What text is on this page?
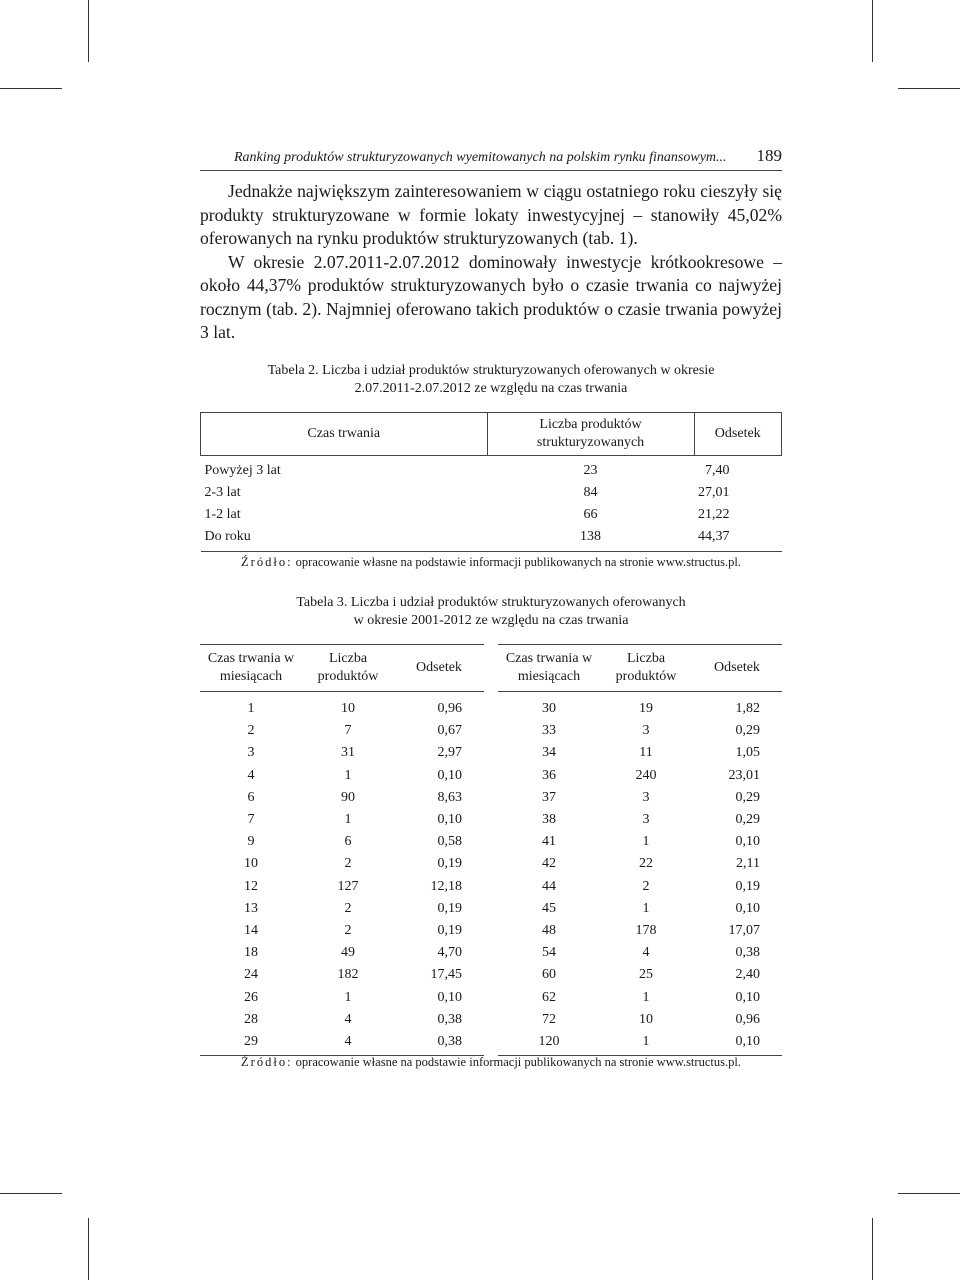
Ranking produktów strukturyzowanych wyemitowanych na polskim rynku finansowym... 189

Jednakże największym zainteresowaniem w ciągu ostatniego roku cieszyły się produkty strukturyzowane w formie lokaty inwestycyjnej – stanowiły 45,02% oferowanych na rynku produktów strukturyzowanych (tab. 1).

W okresie 2.07.2011-2.07.2012 dominowały inwestycje krótkookresowe – około 44,37% produktów strukturyzowanych było o czasie trwania co najwyżej rocznym (tab. 2). Najmniej oferowano takich produktów o czasie trwania powyżej 3 lat.

Tabela 2. Liczba i udział produktów strukturyzowanych oferowanych w okresie
2.07.2011-2.07.2012 ze względu na czas trwania
Czas trwania	Liczba produktów strukturyzowanych	Odsetek
Powyżej 3 lat	23	7,40
2-3 lat	84	27,01
1-2 lat	66	21,22
Do roku	138	44,37
Źródło: opracowanie własne na podstawie informacji publikowanych na stronie www.structus.pl.
Tabela 3. Liczba i udział produktów strukturyzowanych oferowanych
w okresie 2001-2012 ze względu na czas trwania
Czas trwania w miesiącach	Liczba produktów	Odsetek
1	10	0,96
2	7	0,67
3	31	2,97
4	1	0,10
6	90	8,63
7	1	0,10
9	6	0,58
10	2	0,19
12	127	12,18
13	2	0,19
14	2	0,19
18	49	4,70
24	182	17,45
26	1	0,10
28	4	0,38
29	4	0,38
Czas trwania w miesiącach	Liczba produktów	Odsetek
30	19	1,82
33	3	0,29
34	11	1,05
36	240	23,01
37	3	0,29
38	3	0,29
41	1	0,10
42	22	2,11
44	2	0,19
45	1	0,10
48	178	17,07
54	4	0,38
60	25	2,40
62	1	0,10
72	10	0,96
120	1	0,10
Źródło: opracowanie własne na podstawie informacji publikowanych na stronie www.structus.pl.
